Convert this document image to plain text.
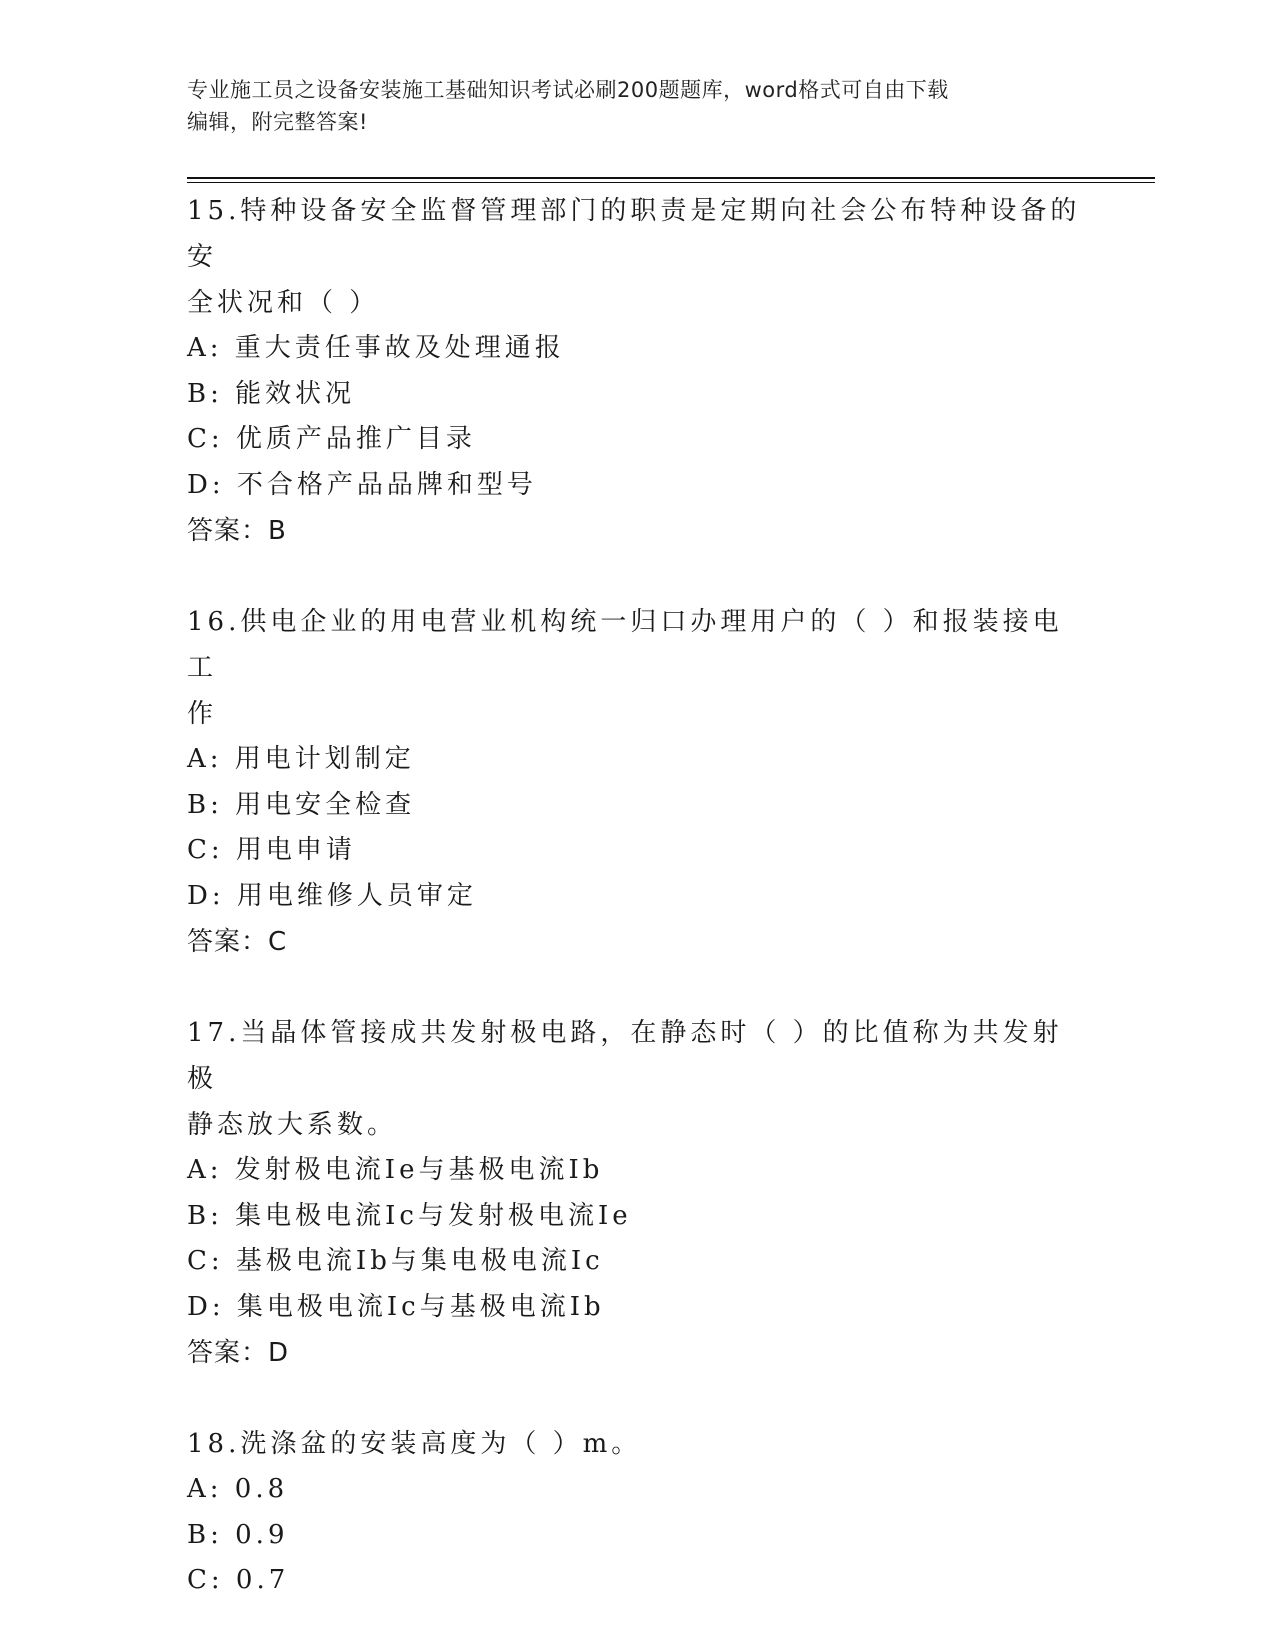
专业施工员之设备安装施工基础知识考试必刷200题题库，word格式可自由下载
编辑，附完整答案!

15.特种设备安全监督管理部门的职责是定期向社会公布特种设备的安

全状况和（ ）

A: 重大责任事故及处理通报

B: 能效状况

C: 优质产品推广目录

D: 不合格产品品牌和型号

答案：B

16.供电企业的用电营业机构统一归口办理用户的（ ）和报装接电工

作

A: 用电计划制定

B: 用电安全检查

C: 用电申请

D: 用电维修人员审定

答案：C

17.当晶体管接成共发射极电路，在静态时（ ）的比值称为共发射极

静态放大系数。

A: 发射极电流Ie与基极电流Ib

B: 集电极电流Ic与发射极电流Ie

C: 基极电流Ib与集电极电流Ic

D: 集电极电流Ic与基极电流Ib

答案：D

18.洗涤盆的安装高度为（ ）m。

A: 0.8

B: 0.9

C: 0.7
